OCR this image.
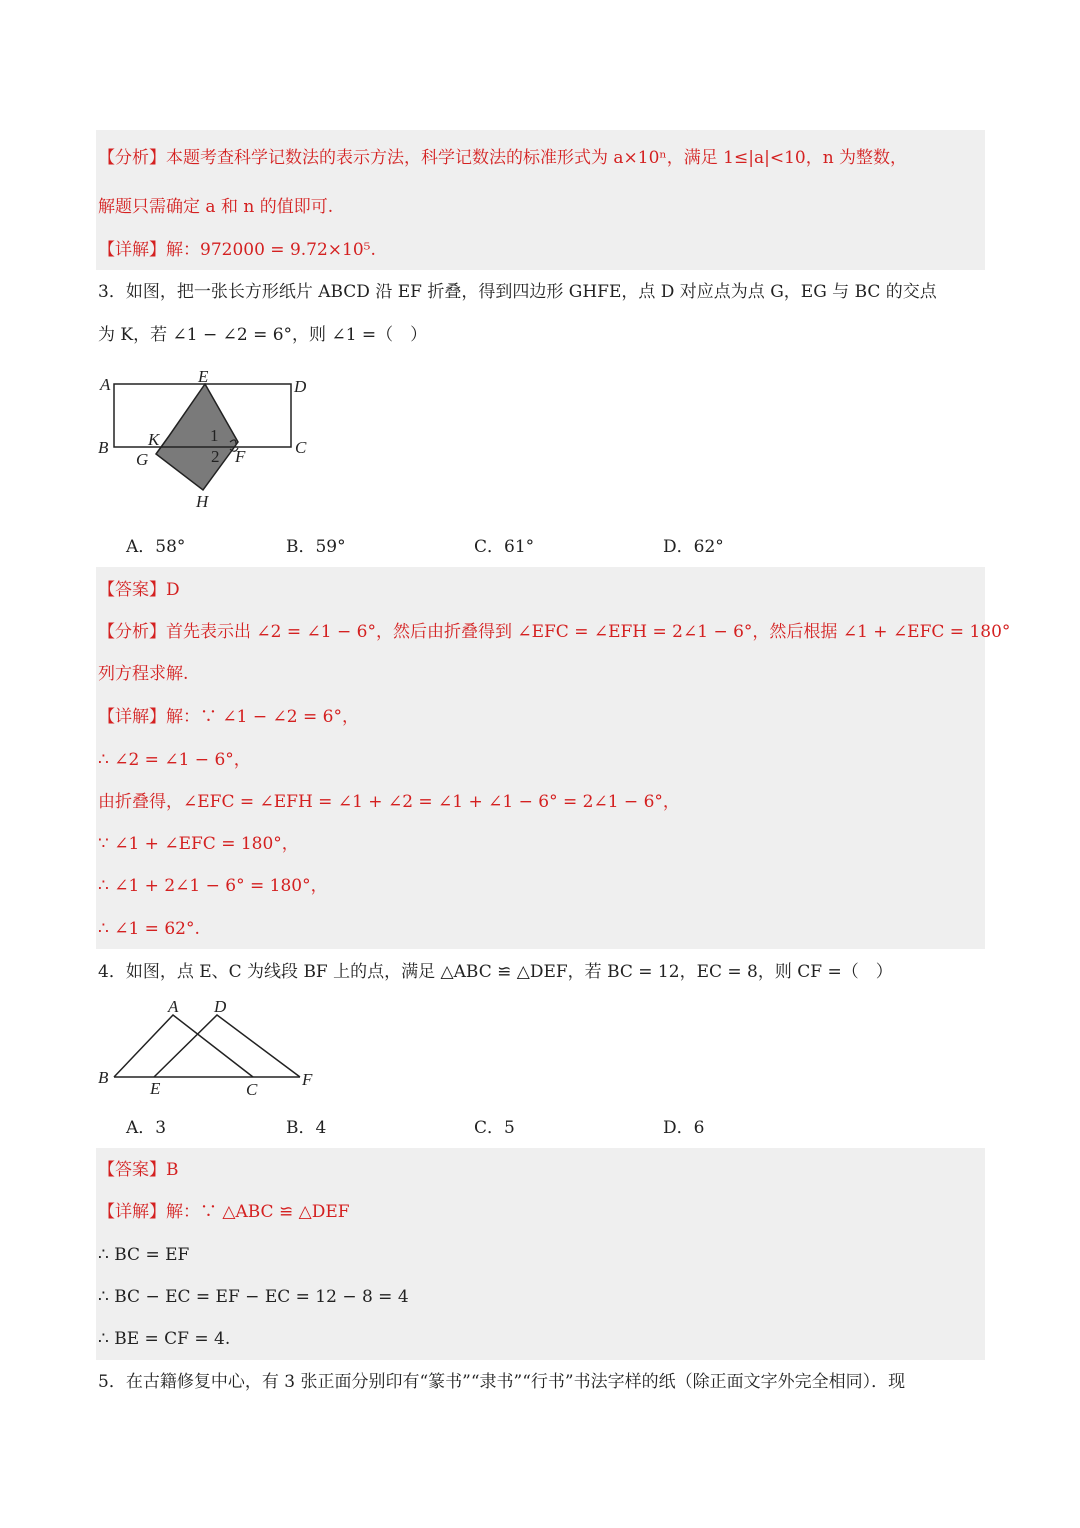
【分析】本题考查科学记数法的表示方法，科学记数法的标准形式为 a×10ⁿ，满足 1≤|a|<10，n 为整数，
解题只需确定 a 和 n 的值即可.
【详解】解：972000 = 9.72×10⁵.
3．如图，把一张长方形纸片 ABCD 沿 EF 折叠，得到四边形 GHFE，点 D 对应点为点 G，EG 与 BC 的交点
为 K，若 ∠1 − ∠2 = 6°，则 ∠1 =（　）
A	E
D
B K	1
C
G	2 F
H
A．58°	B．59°	C．61°	D．62°
【答案】D
【分析】首先表示出 ∠2 = ∠1 − 6°，然后由折叠得到 ∠EFC = ∠EFH = 2∠1 − 6°，然后根据 ∠1 + ∠EFC = 180°
列方程求解.
【详解】解：∵ ∠1 − ∠2 = 6°，
∴ ∠2 = ∠1 − 6°，
由折叠得，∠EFC = ∠EFH = ∠1 + ∠2 = ∠1 + ∠1 − 6° = 2∠1 − 6°，
∵ ∠1 + ∠EFC = 180°，
∴ ∠1 + 2∠1 − 6° = 180°，
∴ ∠1 = 62°.
4．如图，点 E、C 为线段 BF 上的点，满足 △ABC ≌ △DEF，若 BC = 12，EC = 8，则 CF =（　）
A D
B
E	C
F
A．3	B．4	C．5	D．6
【答案】B
【详解】解：∵ △ABC ≌ △DEF
∴ BC = EF
∴ BC − EC = EF − EC = 12 − 8 = 4
∴ BE = CF = 4.
5．在古籍修复中心，有 3 张正面分别印有“篆书”“隶书”“行书”书法字样的纸（除正面文字外完全相同）．现
